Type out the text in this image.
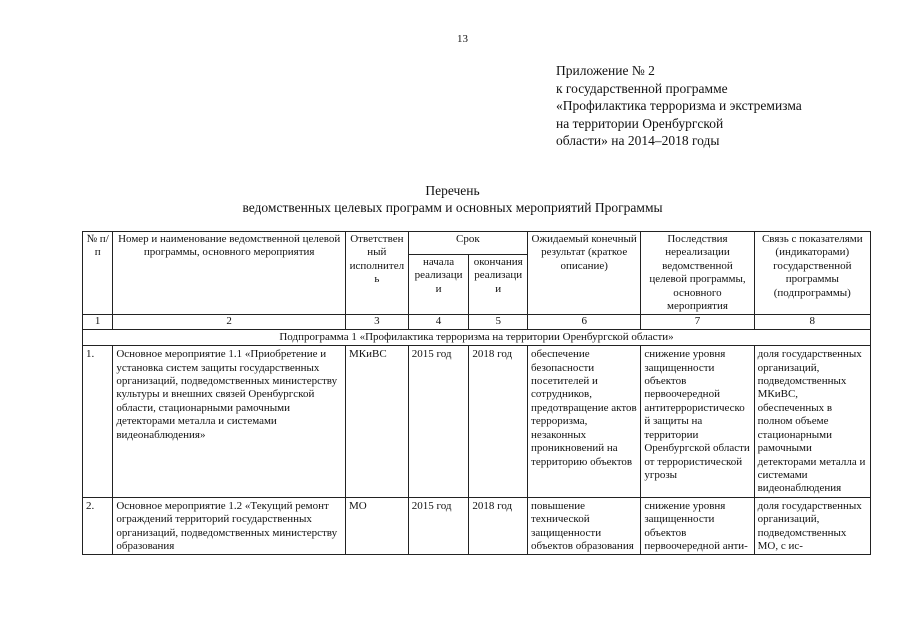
13
Приложение № 2
к государственной программе
«Профилактика терроризма и экстремизма
на территории Оренбургской
области» на 2014–2018 годы
Перечень
ведомственных целевых программ и основных мероприятий Программы
№ п/п	Номер и наименование ведомственной целевой программы, основного мероприятия	Ответственный исполнитель	Срок		Ожидаемый конечный результат (краткое описание)	Последствия нереализации ведомственной целевой программы, основного мероприятия	Связь с показателями (индикаторами) государственной программы (подпрограммы)
			начала реализации	окончания реализации			
1	2	3	4	5	6	7	8
Подпрограмма 1 «Профилактика терроризма на территории Оренбургской области»							
1.	Основное мероприятие 1.1 «Приобретение и установка систем защиты государственных организаций, подведомственных министерству культуры и внешних связей Оренбургской области, стационарными рамочными детекторами металла и системами видеонаблюдения»	МКиВС	2015 год	2018 год	обеспечение безопасности посетителей и сотрудников, предотвращение актов терроризма, незаконных проникновений на территорию объектов	снижение уровня защищенности объектов первоочередной антитеррористической защиты на территории Оренбургской области от террористической угрозы	доля государственных организаций, подведомственных МКиВС, обеспеченных в полном объеме стационарными рамочными детекторами металла и системами видеонаблюдения
2.	Основное мероприятие 1.2 «Текущий ремонт ограждений территорий государственных организаций, подведомственных министерству образования	МО	2015 год	2018 год	повышение технической защищенности объектов образования	снижение уровня защищенности объектов первоочередной анти-	доля государственных организаций, подведомственных МО, с ис-
